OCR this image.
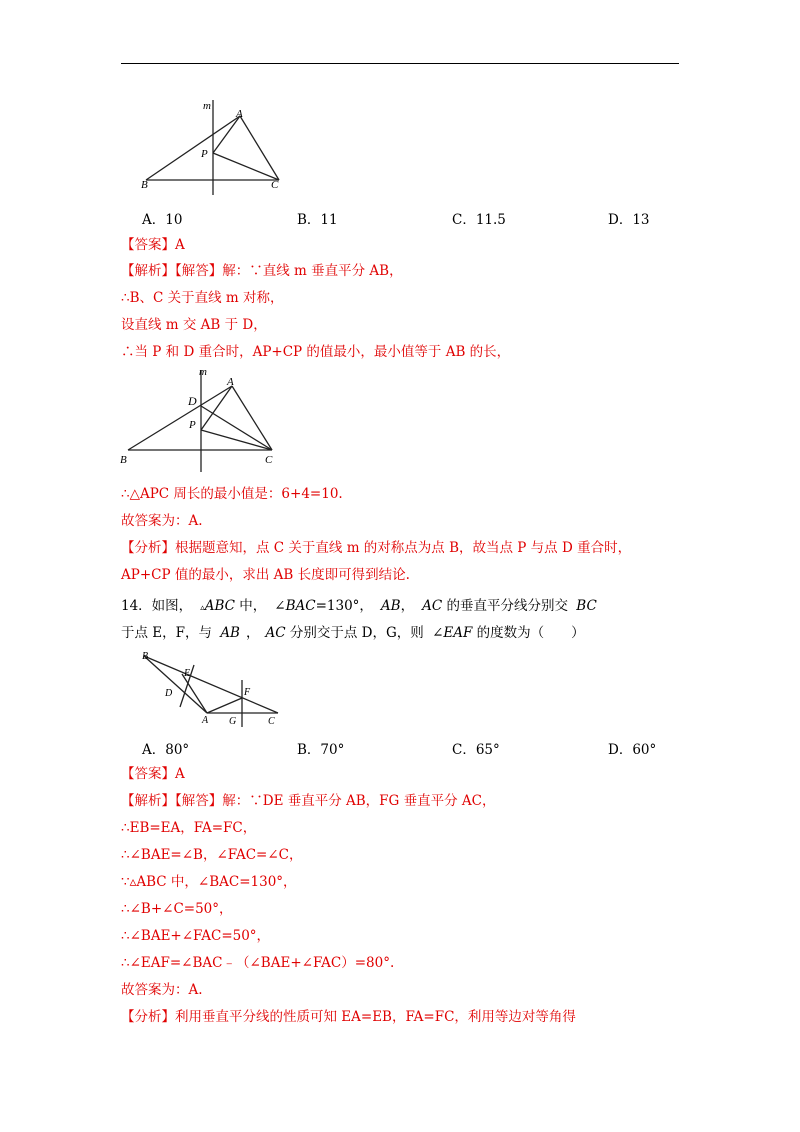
m
A
P
B	C
A．10	B．11	C．11.5	D．13
【答案】A
【解析】【解答】解：∵直线 m 垂直平分 AB，
∴B、C 关于直线 m 对称，
设直线 m 交 AB 于 D，
∴当 P 和 D 重合时，AP+CP 的值最小，最小值等于 AB 的长，
m
A
D
P
B	C
∴△APC 周长的最小值是：6+4=10.
故答案为：A.
【分析】根据题意知，点 C 关于直线 m 的对称点为点 B，故当点 P 与点 D 重合时，
AP+CP 值的最小，求出 AB 长度即可得到结论.
14．如图， ▵ABC 中， ∠BAC=130°， AB， AC 的垂直平分线分别交 BC
于点 E，F，与 AB ， AC 分别交于点 D，G，则 ∠EAF 的度数为（　　）
B
E
D	F
A G	C
A．80°	B．70°	C．65°	D．60°
【答案】A
【解析】【解答】解：∵DE 垂直平分 AB，FG 垂直平分 AC，
∴EB=EA，FA=FC，
∴∠BAE=∠B，∠FAC=∠C，
∵▵ABC 中，∠BAC=130°，
∴∠B+∠C=50°，
∴∠BAE+∠FAC=50°，
∴∠EAF=∠BAC﹣（∠BAE+∠FAC）=80°.
故答案为：A.
【分析】利用垂直平分线的性质可知 EA=EB，FA=FC，利用等边对等角得
